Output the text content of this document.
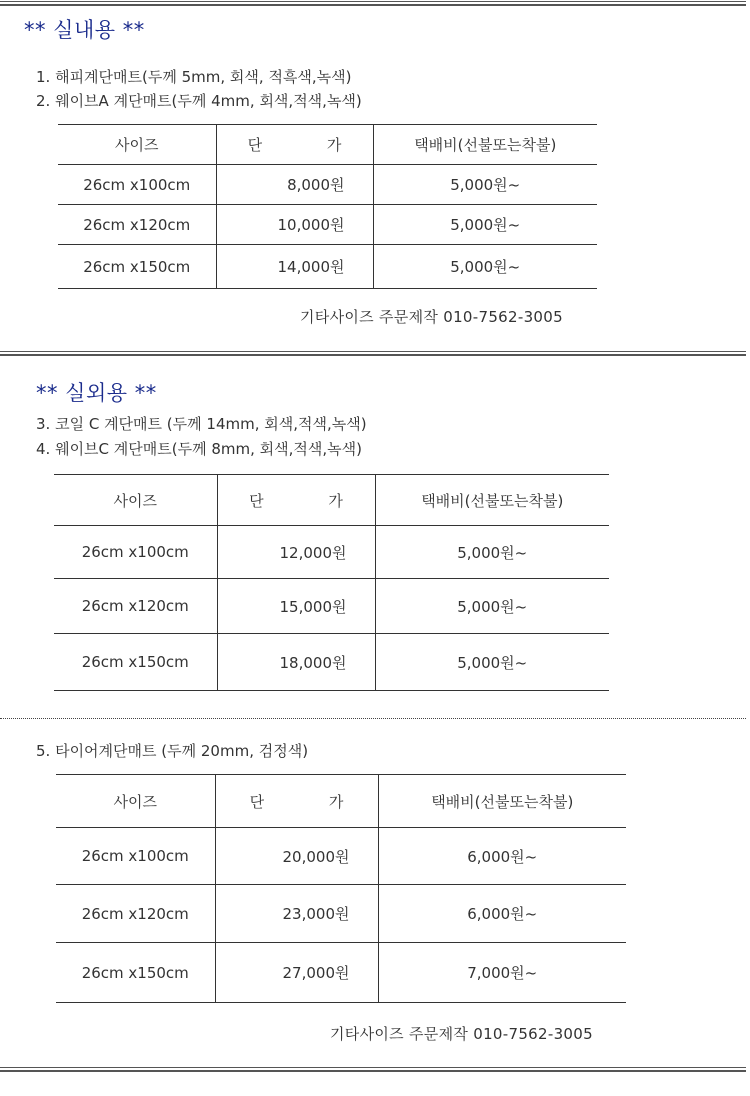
** 실내용 **
1. 해피계단매트(두께 5mm, 회색, 적흑색,녹색)
2. 웨이브A 계단매트(두께 4mm, 회색,적색,녹색)
사이즈	단 가	택배비(선불또는착불)
26cm x100cm	8,000원	5,000원~
26cm x120cm	10,000원	5,000원~
26cm x150cm	14,000원	5,000원~
기타사이즈 주문제작 010-7562-3005
** 실외용 **
3. 코일 C 계단매트 (두께 14mm, 회색,적색,녹색)
4. 웨이브C 계단매트(두께 8mm, 회색,적색,녹색)
사이즈	단 가	택배비(선불또는착불)
26cm x100cm	12,000원	5,000원~
26cm x120cm	15,000원	5,000원~
26cm x150cm	18,000원	5,000원~
5. 타이어계단매트 (두께 20mm, 검정색)
사이즈	단 가	택배비(선불또는착불)
26cm x100cm	20,000원	6,000원~
26cm x120cm	23,000원	6,000원~
26cm x150cm	27,000원	7,000원~
기타사이즈 주문제작 010-7562-3005
